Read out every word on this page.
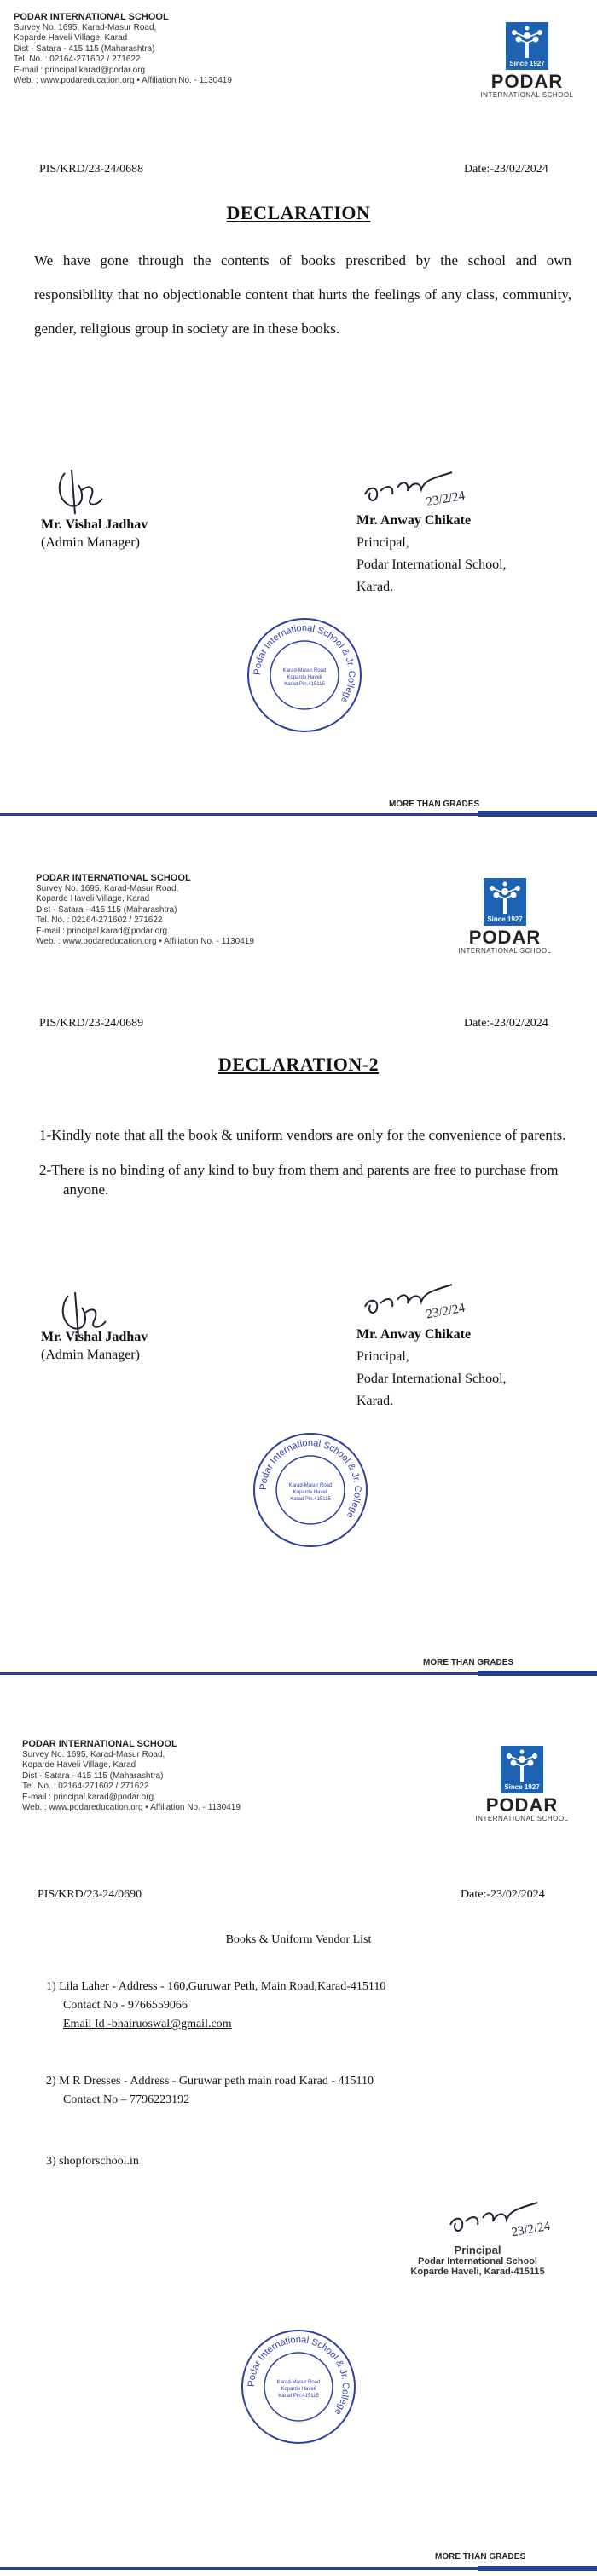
PODAR INTERNATIONAL SCHOOL
Survey No. 1695, Karad-Masur Road,
Koparde Haveli Village, Karad
Dist - Satara - 415 115 (Maharashtra)
Tel. No. : 02164-271602 / 271622
E-mail : principal.karad@podar.org
Web. : www.podareducation.org • Affiliation No. - 1130419
Since 1927
PODAR
INTERNATIONAL SCHOOL
PIS/KRD/23-24/0688	Date:-23/02/2024
DECLARATION
We have gone through the contents of books prescribed by the school and own responsibility that no objectionable content that hurts the feelings of any class, community, gender, religious group in society are in these books.
23/2/24
Mr. Vishal Jadhav
(Admin Manager)
Mr. Anway Chikate
Principal,
Podar International School,
Karad.
Podar International School & Jr. College
Karad-Masur Road
Koparde Haveli
Karad Pin.415115
MORE THAN GRADES
PODAR INTERNATIONAL SCHOOL
Survey No. 1695, Karad-Masur Road,
Koparde Haveli Village, Karad
Dist - Satara - 415 115 (Maharashtra)
Tel. No. : 02164-271602 / 271622
E-mail : principal.karad@podar.org
Web. : www.podareducation.org • Affiliation No. - 1130419
Since 1927
PODAR
INTERNATIONAL SCHOOL
PIS/KRD/23-24/0689	Date:-23/02/2024
DECLARATION-2
1-Kindly note that all the book & uniform vendors are only for the convenience of parents.
2-There is no binding of any kind to buy from them and parents are free to purchase from anyone.
23/2/24
Mr. Vishal Jadhav
(Admin Manager)
Mr. Anway Chikate
Principal,
Podar International School,
Karad.
Podar International School & Jr. College
Karad-Masur Road
Koparde Haveli
Karad Pin.415115
MORE THAN GRADES
PODAR INTERNATIONAL SCHOOL
Survey No. 1695, Karad-Masur Road,
Koparde Haveli Village, Karad
Dist - Satara - 415 115 (Maharashtra)
Tel. No. : 02164-271602 / 271622
E-mail : principal.karad@podar.org
Web. : www.podareducation.org • Affiliation No. - 1130419
Since 1927
PODAR
INTERNATIONAL SCHOOL
PIS/KRD/23-24/0690	Date:-23/02/2024
Books & Uniform Vendor List
1) Lila Laher - Address - 160,Guruwar Peth, Main Road,Karad-415110
Contact No - 9766559066
Email Id -bhairuoswal@gmail.com
2) M R Dresses - Address - Guruwar peth main road Karad - 415110
Contact No – 7796223192
3) shopforschool.in
23/2/24
Principal
Podar International School
Koparde Haveli, Karad-415115
Podar International School & Jr. College
Karad-Masur Road
Koparde Haveli
Karad Pin.415115
MORE THAN GRADES
